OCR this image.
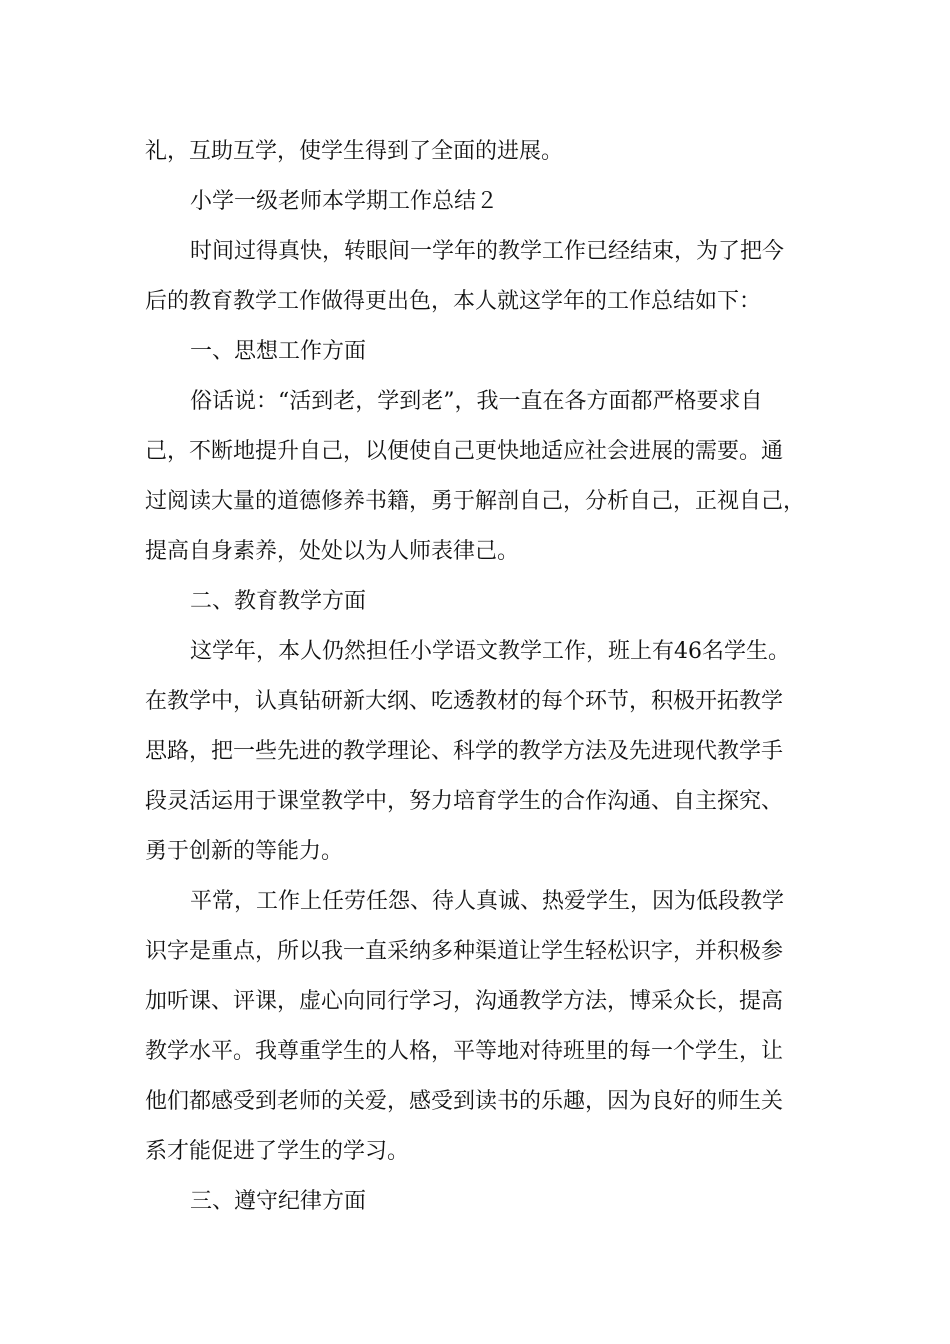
礼，互助互学，使学生得到了全面的进展。
小学一级老师本学期工作总结２
时间过得真快，转眼间一学年的教学工作已经结束，为了把今
后的教育教学工作做得更出色，本人就这学年的工作总结如下：
一、思想工作方面
俗话说：“活到老，学到老”，我一直在各方面都严格要求自
己，不断地提升自己，以便使自己更快地适应社会进展的需要。通
过阅读大量的道德修养书籍，勇于解剖自己，分析自己，正视自己，
提高自身素养，处处以为人师表律己。
二、教育教学方面
这学年，本人仍然担任小学语文教学工作，班上有46名学生。
在教学中，认真钻研新大纲、吃透教材的每个环节，积极开拓教学
思路，把一些先进的教学理论、科学的教学方法及先进现代教学手
段灵活运用于课堂教学中，努力培育学生的合作沟通、自主探究、
勇于创新的等能力。
平常，工作上任劳任怨、待人真诚、热爱学生，因为低段教学
识字是重点，所以我一直采纳多种渠道让学生轻松识字，并积极参
加听课、评课，虚心向同行学习，沟通教学方法，博采众长，提高
教学水平。我尊重学生的人格，平等地对待班里的每一个学生，让
他们都感受到老师的关爱，感受到读书的乐趣，因为良好的师生关
系才能促进了学生的学习。
三、遵守纪律方面
